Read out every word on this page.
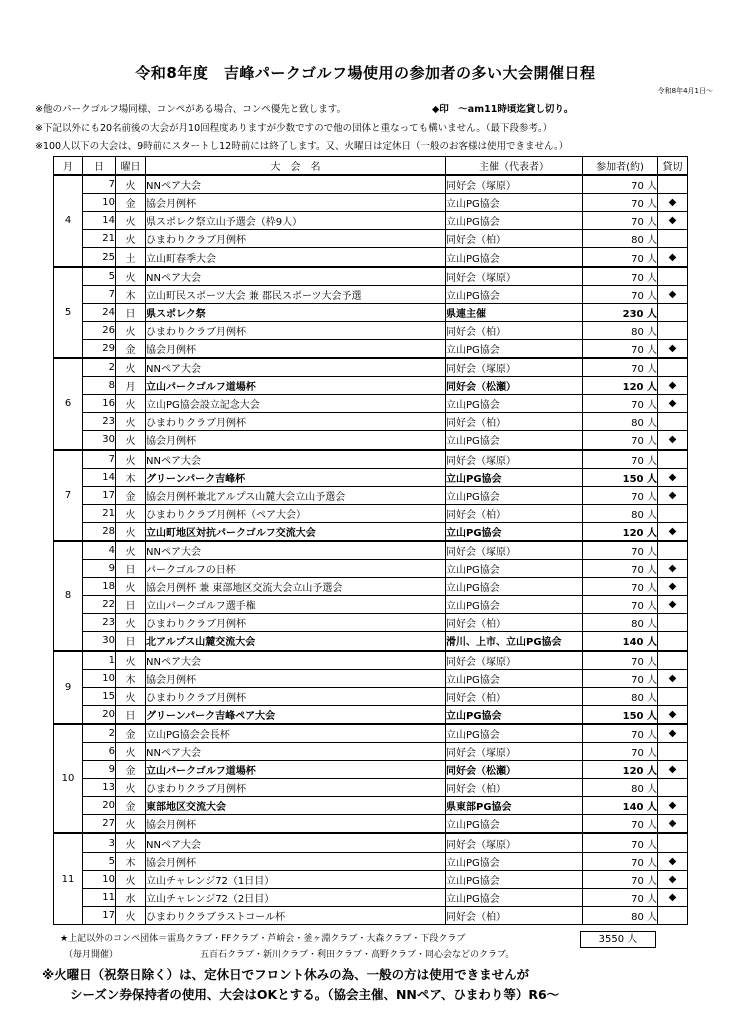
令和8年度　吉峰パークゴルフ場使用の参加者の多い大会開催日程
令和8年4月1日～
※他のパークゴルフ場同様、コンペがある場合、コンペ優先と致します。	◆印　～am11時頃迄貸し切り。
※下記以外にも20名前後の大会が月10回程度ありますが少数ですので他の団体と重なっても構いません。（最下段参考。）
※100人以下の大会は、9時前にスタートし12時前には終了します。又、火曜日は定休日（一般のお客様は使用できません。）
月	日	曜日	大　会　名	主催（代表者）	参加者(約)	貸切
4	7	火	NNペア大会	同好会（塚原）	70 人	
	10	金	協会月例杯	立山PG協会	70 人	◆
	14	火	県スポレク祭立山予選会（枠9人）	立山PG協会	70 人	◆
	21	火	ひまわりクラブ月例杯	同好会（柏）	80 人	
	25	土	立山町春季大会	立山PG協会	70 人	◆
5	5	火	NNペア大会	同好会（塚原）	70 人	
	7	木	立山町民スポーツ大会 兼 郡民スポーツ大会予選	立山PG協会	70 人	◆
	24	日	県スポレク祭	県連主催	230 人	
	26	火	ひまわりクラブ月例杯	同好会（柏）	80 人	
	29	金	協会月例杯	立山PG協会	70 人	◆
6	2	火	NNペア大会	同好会（塚原）	70 人	
	8	月	立山パークゴルフ道場杯	同好会（松瀬）	120 人	◆
	16	火	立山PG協会設立記念大会	立山PG協会	70 人	◆
	23	火	ひまわりクラブ月例杯	同好会（柏）	80 人	
	30	火	協会月例杯	立山PG協会	70 人	◆
7	7	火	NNペア大会	同好会（塚原）	70 人	
	14	木	グリーンパーク吉峰杯	立山PG協会	150 人	◆
	17	金	協会月例杯兼北アルプス山麓大会立山予選会	立山PG協会	70 人	◆
	21	火	ひまわりクラブ月例杯（ペア大会）	同好会（柏）	80 人	
	28	火	立山町地区対抗パークゴルフ交流大会	立山PG協会	120 人	◆
8	4	火	NNペア大会	同好会（塚原）	70 人	
	9	日	パークゴルフの日杯	立山PG協会	70 人	◆
	18	火	協会月例杯 兼 東部地区交流大会立山予選会	立山PG協会	70 人	◆
	22	日	立山パークゴルフ選手権	立山PG協会	70 人	◆
	23	火	ひまわりクラブ月例杯	同好会（柏）	80 人	
	30	日	北アルプス山麓交流大会	滑川、上市、立山PG協会	140 人	
9	1	火	NNペア大会	同好会（塚原）	70 人	
	10	木	協会月例杯	立山PG協会	70 人	◆
	15	火	ひまわりクラブ月例杯	同好会（柏）	80 人	
	20	日	グリーンパーク吉峰ペア大会	立山PG協会	150 人	◆
10	2	金	立山PG協会会長杯	立山PG協会	70 人	◆
	6	火	NNペア大会	同好会（塚原）	70 人	
	9	金	立山パークゴルフ道場杯	同好会（松瀬）	120 人	◆
	13	火	ひまわりクラブ月例杯	同好会（柏）	80 人	
	20	金	東部地区交流大会	県東部PG協会	140 人	◆
	27	火	協会月例杯	立山PG協会	70 人	◆
11	3	火	NNペア大会	同好会（塚原）	70 人	
	5	木	協会月例杯	立山PG協会	70 人	◆
	10	火	立山チャレンジ72（1日目）	立山PG協会	70 人	◆
	11	水	立山チャレンジ72（2日目）	立山PG協会	70 人	◆
	17	火	ひまわりクラブラストコール杯	同好会（柏）	80 人	
3550 人
★上記以外のコンペ団体＝雷鳥クラブ・FFクラブ・芦峅会・釜ヶ淵クラブ・大森クラブ・下段クラブ
（毎月開催）	五百石クラブ・新川クラブ・利田クラブ・高野クラブ・同心会などのクラブ。
※火曜日（祝祭日除く）は、定休日でフロント休みの為、一般の方は使用できませんが
シーズン券保持者の使用、大会はOKとする。（協会主催、NNペア、ひまわり等）R6～
